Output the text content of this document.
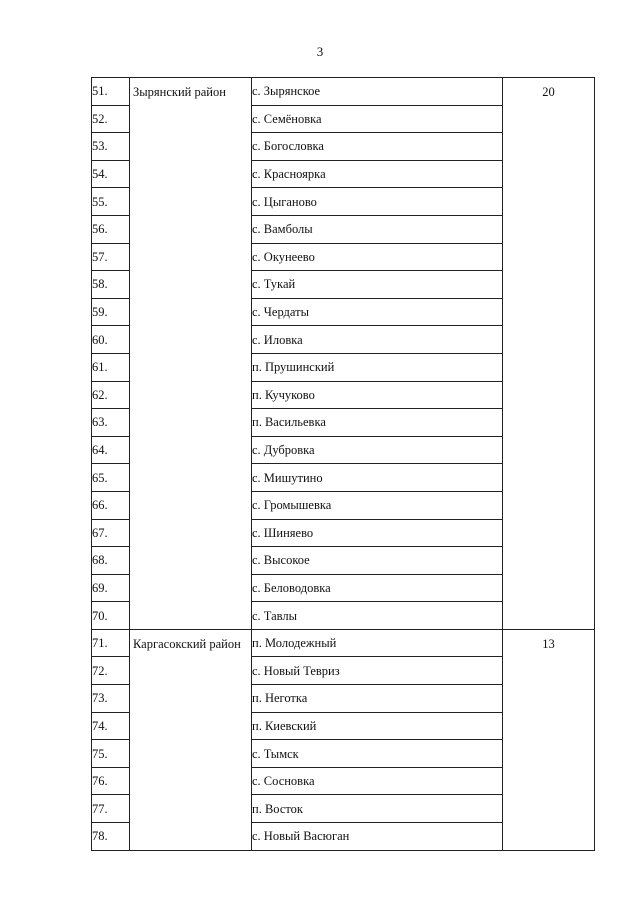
3
51.	Зырянский район	с. Зырянское	20
52.		с. Семёновка	
53.		с. Богословка	
54.		с. Красноярка	
55.		с. Цыганово	
56.		с. Вамболы	
57.		с. Окунеево	
58.		с. Тукай	
59.		с. Чердаты	
60.		с. Иловка	
61.		п. Прушинский	
62.		п. Кучуково	
63.		п. Васильевка	
64.		с. Дубровка	
65.		с. Мишутино	
66.		с. Громышевка	
67.		с. Шиняево	
68.		с. Высокое	
69.		с. Беловодовка	
70.		с. Тавлы	
71.	Каргасокский район	п. Молодежный	13
72.		с. Новый Тевриз	
73.		п. Неготка	
74.		п. Киевский	
75.		с. Тымск	
76.		с. Сосновка	
77.		п. Восток	
78.		с. Новый Васюган	
